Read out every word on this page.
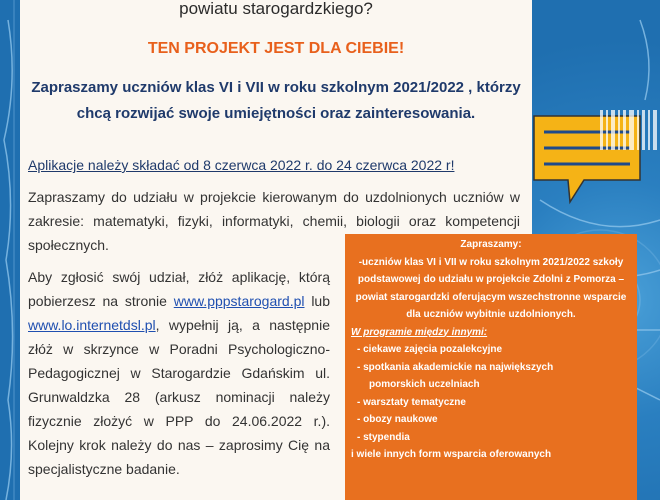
powiatu starogardzkiego?
TEN PROJEKT JEST DLA CIEBIE!
Zapraszamy uczniów klas VI i VII w roku szkolnym 2021/2022 , którzy chcą rozwijać swoje umiejętności oraz zainteresowania.
Aplikacje należy składać od 8 czerwca 2022 r. do 24 czerwca 2022 r!
Zapraszamy do udziału w projekcie kierowanym do uzdolnionych uczniów w zakresie: matematyki, fizyki, informatyki, chemii, biologii oraz kompetencji społecznych.
Aby zgłosić swój udział, złóż aplikację, którą pobierzesz na stronie www.pppstarogard.pl lub www.lo.internetdsl.pl, wypełnij ją, a następnie złóż w skrzynce w Poradni Psychologiczno-Pedagogicznej w Starogardzie Gdańskim ul. Grunwaldzka 28 (arkusz nominacji należy fizycznie złożyć w PPP do 24.06.2022 r.). Kolejny krok należy do nas – zaprosimy Cię na specjalistyczne badanie.
Zapraszamy:
-uczniów klas VI i VII w roku szkolnym 2021/2022 szkoły podstawowej do udziału w projekcie Zdolni z Pomorza – powiat starogardzki oferującym wszechstronne wsparcie dla uczniów wybitnie uzdolnionych.
W programie między innymi:
- ciekawe zajęcia pozalekcyjne
- spotkania akademickie na największych
pomorskich uczelniach
- warsztaty tematyczne
- obozy naukowe
- stypendia
i wiele innych form wsparcia oferowanych
